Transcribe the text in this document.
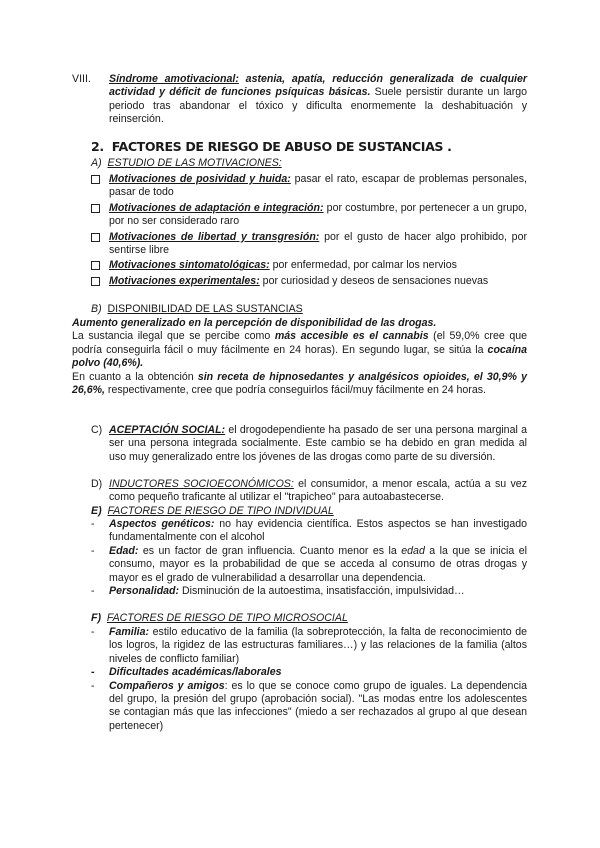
VIII. Síndrome amotivacional: astenia, apatía, reducción generalizada de cualquier actividad y déficit de funciones psíquicas básicas. Suele persistir durante un largo periodo tras abandonar el tóxico y dificulta enormemente la deshabituación y reinserción.
2. FACTORES DE RIESGO DE ABUSO DE SUSTANCIAS .
A) ESTUDIO DE LAS MOTIVACIONES:
Motivaciones de posividad y huida: pasar el rato, escapar de problemas personales, pasar de todo
Motivaciones de adaptación e integración: por costumbre, por pertenecer a un grupo, por no ser considerado raro
Motivaciones de libertad y transgresión: por el gusto de hacer algo prohibido, por sentirse libre
Motivaciones sintomatológicas: por enfermedad, por calmar los nervios
Motivaciones experimentales: por curiosidad y deseos de sensaciones nuevas
B) DISPONIBILIDAD DE LAS SUSTANCIAS
Aumento generalizado en la percepción de disponibilidad de las drogas.
La sustancia ilegal que se percibe como más accesible es el cannabis (el 59,0% cree que podría conseguirla fácil o muy fácilmente en 24 horas). En segundo lugar, se sitúa la cocaína polvo (40,6%).
En cuanto a la obtención sin receta de hipnosedantes y analgésicos opioides, el 30,9% y 26,6%, respectivamente, cree que podría conseguirlos fácil/muy fácilmente en 24 horas.
C) ACEPTACIÓN SOCIAL: el drogodependiente ha pasado de ser una persona marginal a ser una persona integrada socialmente. Este cambio se ha debido en gran medida al uso muy generalizado entre los jóvenes de las drogas como parte de su diversión.
D) INDUCTORES SOCIOECONÓMICOS: el consumidor, a menor escala, actúa a su vez como pequeño traficante al utilizar el "trapicheo" para autoabastecerse.
E) FACTORES DE RIESGO DE TIPO INDIVIDUAL
- Aspectos genéticos: no hay evidencia científica. Estos aspectos se han investigado fundamentalmente con el alcohol
- Edad: es un factor de gran influencia. Cuanto menor es la edad a la que se inicia el consumo, mayor es la probabilidad de que se acceda al consumo de otras drogas y mayor es el grado de vulnerabilidad a desarrollar una dependencia.
- Personalidad: Disminución de la autoestima, insatisfacción, impulsividad…
F) FACTORES DE RIESGO DE TIPO MICROSOCIAL
- Familia: estilo educativo de la familia (la sobreprotección, la falta de reconocimiento de los logros, la rigidez de las estructuras familiares…) y las relaciones de la familia (altos niveles de conflicto familiar)
- Dificultades académicas/laborales
- Compañeros y amigos: es lo que se conoce como grupo de iguales. La dependencia del grupo, la presión del grupo (aprobación social). "Las modas entre los adolescentes se contagian más que las infecciones" (miedo a ser rechazados al grupo al que desean pertenecer)
